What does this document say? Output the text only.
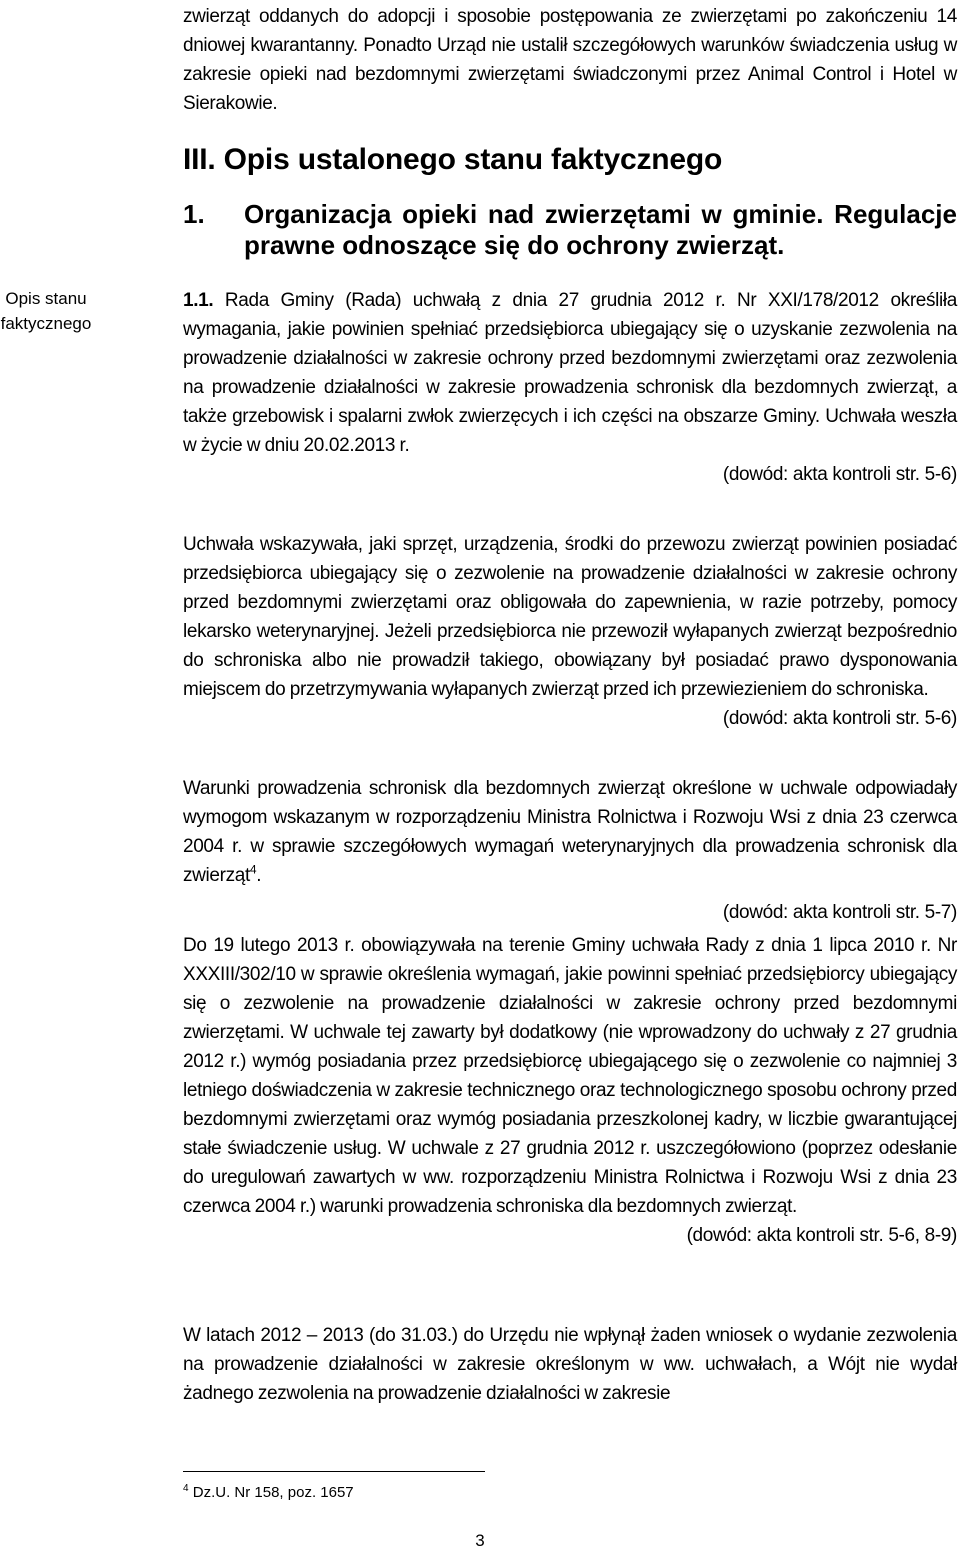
zwierząt oddanych do adopcji i sposobie postępowania ze zwierzętami po zakończeniu 14 dniowej kwarantanny. Ponadto Urząd nie ustalił szczegółowych warunków świadczenia usług w zakresie opieki nad bezdomnymi zwierzętami świadczonymi przez Animal Control i Hotel w Sierakowie.

III. Opis ustalonego stanu faktycznego
1. Organizacja opieki nad zwierzętami w gminie. Regulacje prawne odnoszące się do ochrony zwierząt.

1.1. Rada Gminy (Rada) uchwałą z dnia 27 grudnia 2012 r. Nr XXI/178/2012 określiła wymagania, jakie powinien spełniać przedsiębiorca ubiegający się o uzyskanie zezwolenia na prowadzenie działalności w zakresie ochrony przed bezdomnymi zwierzętami oraz zezwolenia na prowadzenie działalności w zakresie prowadzenia schronisk dla bezdomnych zwierząt, a także grzebowisk i spalarni zwłok zwierzęcych i ich części na obszarze Gminy. Uchwała weszła w życie w dniu 20.02.2013 r.

(dowód: akta kontroli str. 5-6)

Uchwała wskazywała, jaki sprzęt, urządzenia, środki do przewozu zwierząt powinien posiadać przedsiębiorca ubiegający się o zezwolenie na prowadzenie działalności w zakresie ochrony przed bezdomnymi zwierzętami oraz obligowała do zapewnienia, w razie potrzeby, pomocy lekarsko weterynaryjnej. Jeżeli przedsiębiorca nie przewoził wyłapanych zwierząt bezpośrednio do schroniska albo nie prowadził takiego, obowiązany był posiadać prawo dysponowania miejscem do przetrzymywania wyłapanych zwierząt przed ich przewiezieniem do schroniska.

(dowód: akta kontroli str. 5-6)

Warunki prowadzenia schronisk dla bezdomnych zwierząt określone w uchwale odpowiadały wymogom wskazanym w rozporządzeniu Ministra Rolnictwa i Rozwoju Wsi z dnia 23 czerwca 2004 r. w sprawie szczegółowych wymagań weterynaryjnych dla prowadzenia schronisk dla zwierząt$^4$.

(dowód: akta kontroli str. 5-7)

Do 19 lutego 2013 r. obowiązywała na terenie Gminy uchwała Rady z dnia 1 lipca 2010 r. Nr XXXIII/302/10 w sprawie określenia wymagań, jakie powinni spełniać przedsiębiorcy ubiegający się o zezwolenie na prowadzenie działalności w zakresie ochrony przed bezdomnymi zwierzętami. W uchwale tej zawarty był dodatkowy (nie wprowadzony do uchwały z 27 grudnia 2012 r.) wymóg posiadania przez przedsiębiorcę ubiegającego się o zezwolenie co najmniej 3 letniego doświadczenia w zakresie technicznego oraz technologicznego sposobu ochrony przed bezdomnymi zwierzętami oraz wymóg posiadania przeszkolonej kadry, w liczbie gwarantującej stałe świadczenie usług. W uchwale z 27 grudnia 2012 r. uszczegółowiono (poprzez odesłanie do uregulowań zawartych w ww. rozporządzeniu Ministra Rolnictwa i Rozwoju Wsi z dnia 23 czerwca 2004 r.) warunki prowadzenia schroniska dla bezdomnych zwierząt.

(dowód: akta kontroli str. 5-6, 8-9)

W latach 2012 – 2013 (do 31.03.) do Urzędu nie wpłynął żaden wniosek o wydanie zezwolenia na prowadzenie działalności w zakresie określonym w ww. uchwałach, a Wójt nie wydał żadnego zezwolenia na prowadzenie działalności w zakresie

Opis stanu faktycznego
$^4$ Dz.U. Nr 158, poz. 1657
3
